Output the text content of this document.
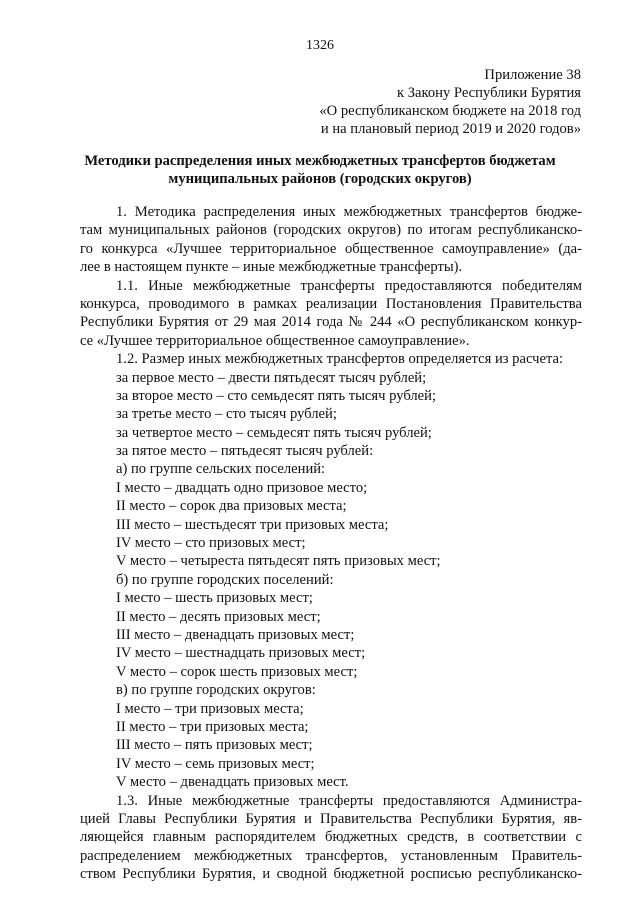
1326
Приложение 38
к Закону Республики Бурятия
«О республиканском бюджете на 2018 год
и на плановый период 2019 и 2020 годов»
Методики распределения иных межбюджетных трансфертов бюджетам
муниципальных районов (городских округов)
1. Методика распределения иных межбюджетных трансфертов бюдже-
там муниципальных районов (городских округов) по итогам республиканско-
го конкурса «Лучшее территориальное общественное самоуправление» (да-
лее в настоящем пункте – иные межбюджетные трансферты).
1.1. Иные межбюджетные трансферты предоставляются победителям
конкурса, проводимого в рамках реализации Постановления Правительства
Республики Бурятия от 29 мая 2014 года № 244 «О республиканском конкур-
се «Лучшее территориальное общественное самоуправление».
1.2. Размер иных межбюджетных трансфертов определяется из расчета:
за первое место – двести пятьдесят тысяч рублей;
за второе место – сто семьдесят пять тысяч рублей;
за третье место – сто тысяч рублей;
за четвертое место – семьдесят пять тысяч рублей;
за пятое место – пятьдесят тысяч рублей:
а) по группе сельских поселений:
I место – двадцать одно призовое место;
II место – сорок два призовых места;
III место – шестьдесят три призовых места;
IV место – сто призовых мест;
V место – четыреста пятьдесят пять призовых мест;
б) по группе городских поселений:
I место – шесть призовых мест;
II место – десять призовых мест;
III место – двенадцать призовых мест;
IV место – шестнадцать призовых мест;
V место – сорок шесть призовых мест;
в) по группе городских округов:
I место – три призовых места;
II место – три призовых места;
III место – пять призовых мест;
IV место – семь призовых мест;
V место – двенадцать призовых мест.
1.3. Иные межбюджетные трансферты предоставляются Администра-
цией Главы Республики Бурятия и Правительства Республики Бурятия, яв-
ляющейся главным распорядителем бюджетных средств, в соответствии с
распределением межбюджетных трансфертов, установленным Правитель-
ством Республики Бурятия, и сводной бюджетной росписью республиканско-
